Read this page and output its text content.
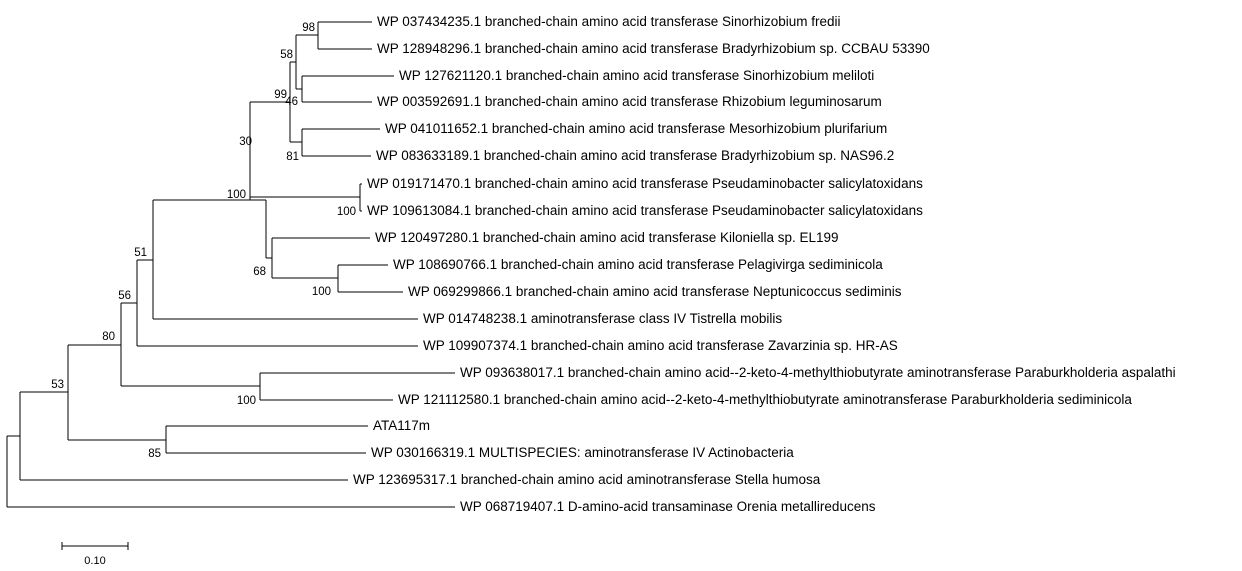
WP 037434235.1 branched-chain amino acid transferase Sinorhizobium fredii
WP 128948296.1 branched-chain amino acid transferase Bradyrhizobium sp. CCBAU 53390
WP 127621120.1 branched-chain amino acid transferase Sinorhizobium meliloti
WP 003592691.1 branched-chain amino acid transferase Rhizobium leguminosarum
WP 041011652.1 branched-chain amino acid transferase Mesorhizobium plurifarium
WP 083633189.1 branched-chain amino acid transferase Bradyrhizobium sp. NAS96.2
WP 019171470.1 branched-chain amino acid transferase Pseudaminobacter salicylatoxidans
WP 109613084.1 branched-chain amino acid transferase Pseudaminobacter salicylatoxidans
WP 120497280.1 branched-chain amino acid transferase Kiloniella sp. EL199
WP 108690766.1 branched-chain amino acid transferase Pelagivirga sediminicola
WP 069299866.1 branched-chain amino acid transferase Neptunicoccus sediminis
WP 014748238.1 aminotransferase class IV Tistrella mobilis
WP 109907374.1 branched-chain amino acid transferase Zavarzinia sp. HR-AS
WP 093638017.1 branched-chain amino acid--2-keto-4-methylthiobutyrate aminotransferase Paraburkholderia aspalathi
WP 121112580.1 branched-chain amino acid--2-keto-4-methylthiobutyrate aminotransferase Paraburkholderia sediminicola
ATA117m
WP 030166319.1 MULTISPECIES: aminotransferase IV Actinobacteria
WP 123695317.1 branched-chain amino acid aminotransferase Stella humosa
WP 068719407.1 D-amino-acid transaminase Orenia metallireducens
98
58
46
99
81
30
100
100
68
100
51
56
80
100
53
85
0.10
